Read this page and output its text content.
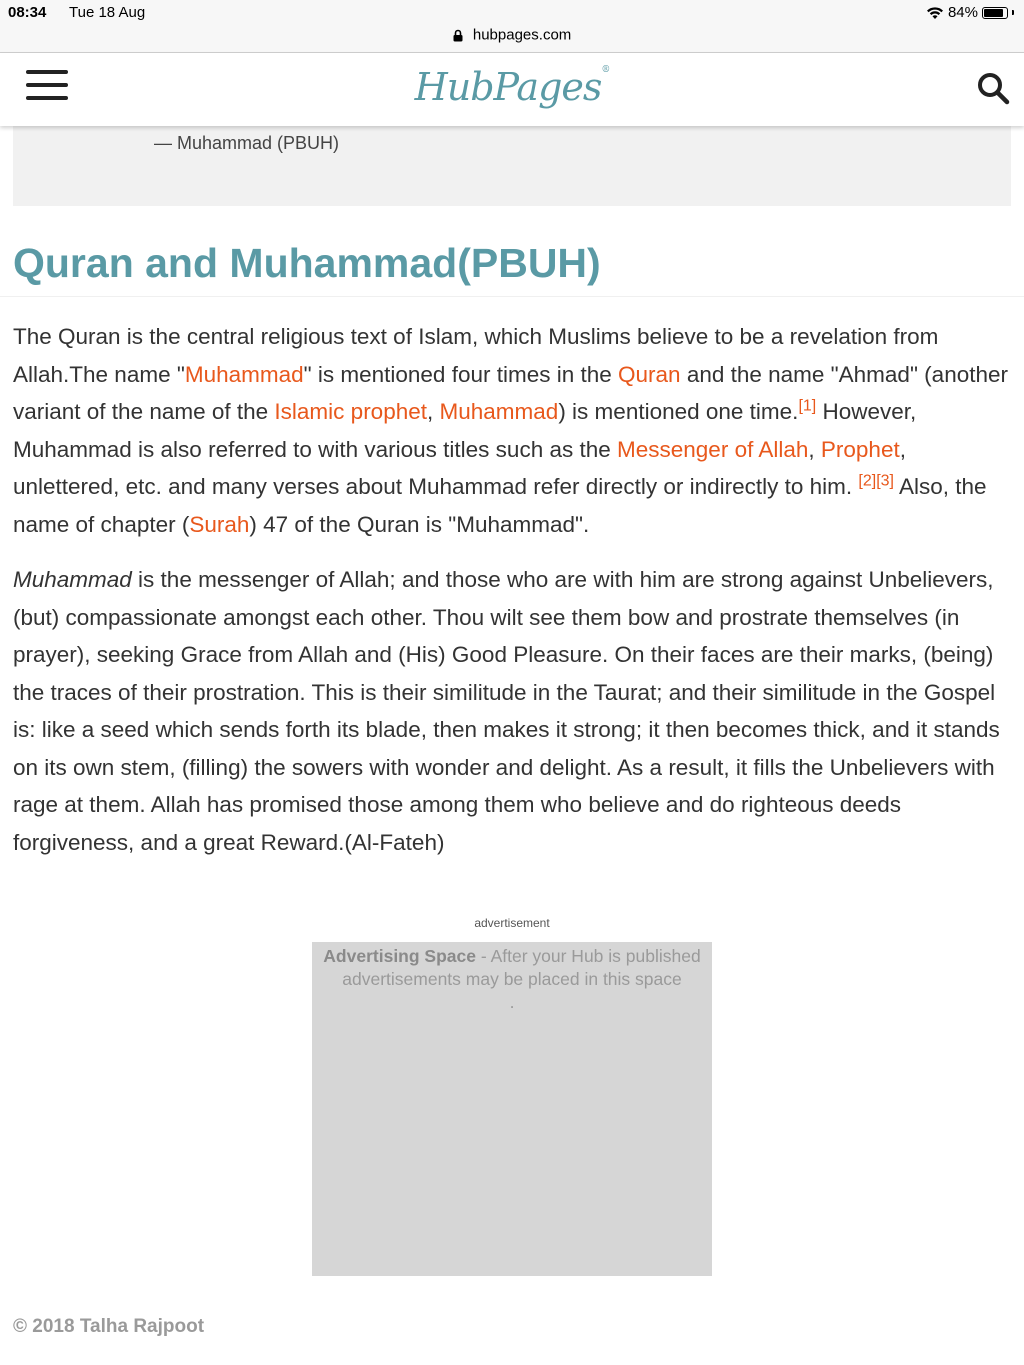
08:34 Tue 18 Aug	84%
hubpages.com
HubPages®
— Muhammad (PBUH)
Quran and Muhammad(PBUH)

The Quran is the central religious text of Islam, which Muslims believe to be a revelation from Allah.The name "Muhammad" is mentioned four times in the Quran and the name "Ahmad" (another variant of the name of the Islamic prophet, Muhammad) is mentioned one time.[1] However, Muhammad is also referred to with various titles such as the Messenger of Allah, Prophet, unlettered, etc. and many verses about Muhammad refer directly or indirectly to him. [2][3] Also, the name of chapter (Surah) 47 of the Quran is "Muhammad".

Muhammad is the messenger of Allah; and those who are with him are strong against Unbelievers, (but) compassionate amongst each other. Thou wilt see them bow and prostrate themselves (in prayer), seeking Grace from Allah and (His) Good Pleasure. On their faces are their marks, (being) the traces of their prostration. This is their similitude in the Taurat; and their similitude in the Gospel is: like a seed which sends forth its blade, then makes it strong; it then becomes thick, and it stands on its own stem, (filling) the sowers with wonder and delight. As a result, it fills the Unbelievers with rage at them. Allah has promised those among them who believe and do righteous deeds forgiveness, and a great Reward.(Al-Fateh)

advertisement
Advertising Space - After your Hub is published advertisements may be placed in this space
.
© 2018 Talha Rajpoot
